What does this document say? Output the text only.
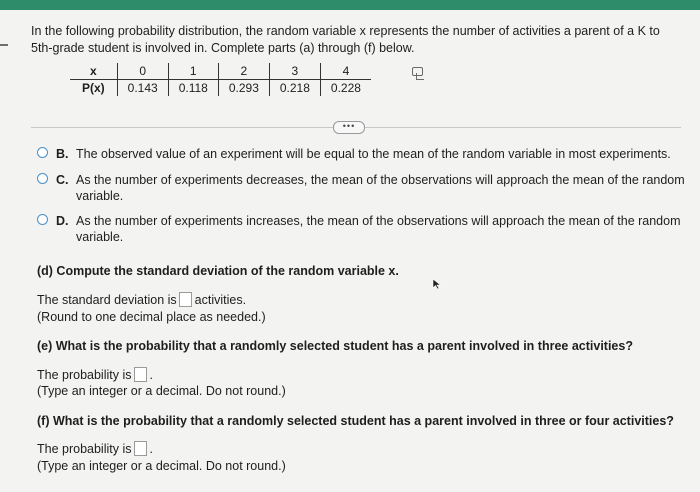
In the following probability distribution, the random variable x represents the number of activities a parent of a K to 5th-grade student is involved in. Complete parts (a) through (f) below.
x	0	1	2	3	4
P(x)	0.143	0.118	0.293	0.218	0.228
•••
B. The observed value of an experiment will be equal to the mean of the random variable in most experiments.
C. As the number of experiments decreases, the mean of the observations will approach the mean of the random variable.
D. As the number of experiments increases, the mean of the observations will approach the mean of the random variable.
(d) Compute the standard deviation of the random variable x.
The standard deviation is activities.
(Round to one decimal place as needed.)
(e) What is the probability that a randomly selected student has a parent involved in three activities?
The probability is .
(Type an integer or a decimal. Do not round.)
(f) What is the probability that a randomly selected student has a parent involved in three or four activities?
The probability is .
(Type an integer or a decimal. Do not round.)
